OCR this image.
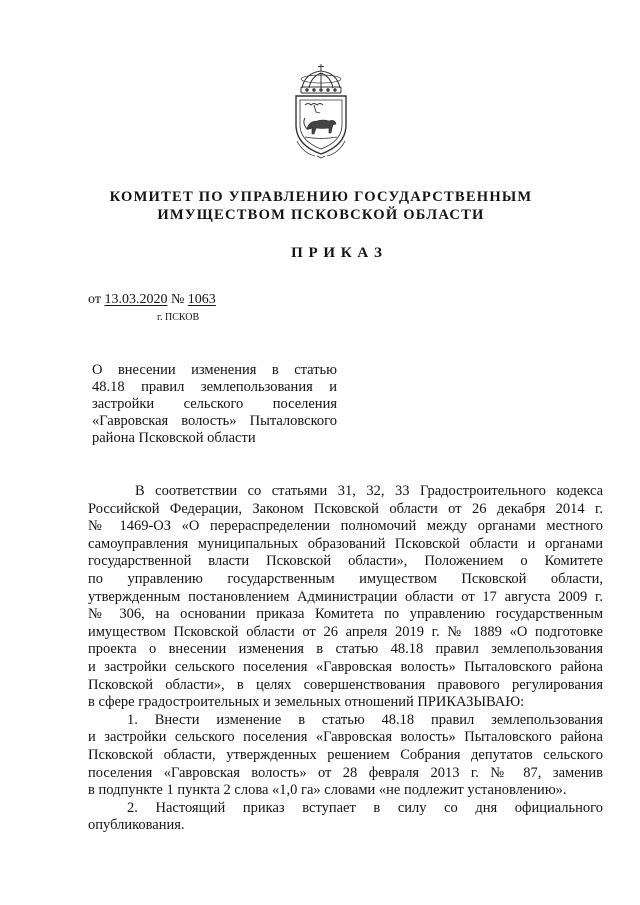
КОМИТЕТ ПО УПРАВЛЕНИЮ ГОСУДАРСТВЕННЫМ
ИМУЩЕСТВОМ ПСКОВСКОЙ ОБЛАСТИ
П Р И К А З
от 13.03.2020 № 1063
г. ПСКОВ
О внесении изменения в статью
48.18 правил землепользования и
застройки сельского поселения
«Гавровская волость» Пыталовского
района Псковской области
В соответствии со статьями 31, 32, 33 Градостроительного кодекса
Российской Федерации, Законом Псковской области от 26 декабря 2014 г.
№ 1469-ОЗ «О перераспределении полномочий между органами местного
самоуправления муниципальных образований Псковской области и органами
государственной власти Псковской области», Положением о Комитете
по управлению государственным имуществом Псковской области,
утвержденным постановлением Администрации области от 17 августа 2009 г.
№ 306, на основании приказа Комитета по управлению государственным
имуществом Псковской области от 26 апреля 2019 г. № 1889 «О подготовке
проекта о внесении изменения в статью 48.18 правил землепользования
и застройки сельского поселения «Гавровская волость» Пыталовского района
Псковской области», в целях совершенствования правового регулирования
в сфере градостроительных и земельных отношений ПРИКАЗЫВАЮ:
1. Внести изменение в статью 48.18 правил землепользования
и застройки сельского поселения «Гавровская волость» Пыталовского района
Псковской области, утвержденных решением Собрания депутатов сельского
поселения «Гавровская волость» от 28 февраля 2013 г. № 87, заменив
в подпункте 1 пункта 2 слова «1,0 га» словами «не подлежит установлению».
2. Настоящий приказ вступает в силу со дня официального
опубликования.
